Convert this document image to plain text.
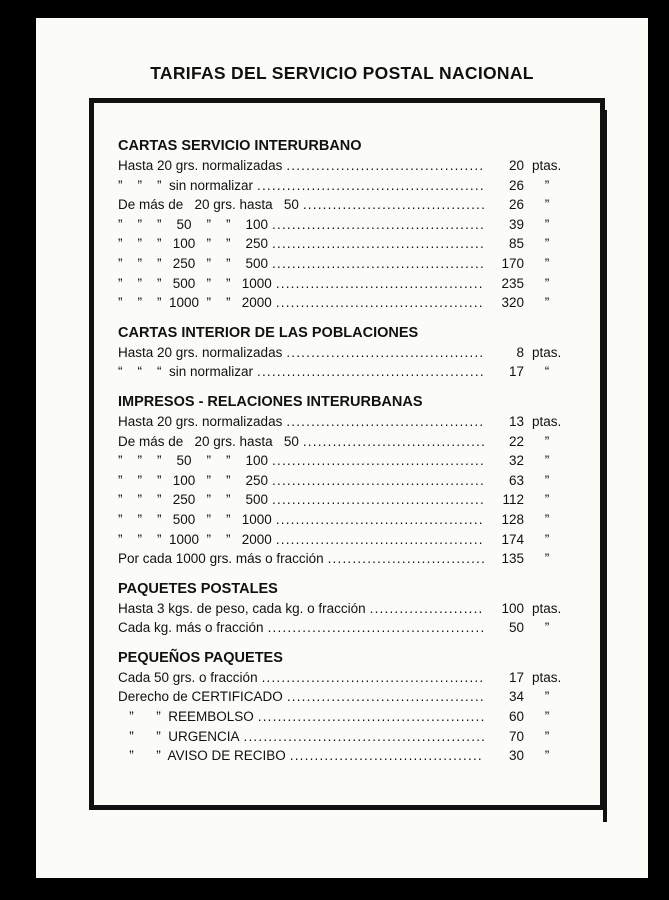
TARIFAS DEL SERVICIO POSTAL NACIONAL
CARTAS SERVICIO INTERURBANO
Hasta 20 grs. normalizadas .....	20 ptas.
”    ”    ”  sin normalizar .....	26	”
De más de   20 grs. hasta   50 .....	26	”
”    ”    ”    50    ”    ”    100 .....	39	”
”    ”    ”   100   ”    ”    250 .....	85	”
”    ”    ”   250   ”    ”    500 .....	170	”
”    ”    ”   500   ”    ”   1000 .....	235	”
”    ”    ”  1000  ”    ”   2000 .....	320	”
CARTAS INTERIOR DE LAS POBLACIONES
Hasta 20 grs. normalizadas .....	8 ptas.
“    “    “  sin normalizar .....	17	“
IMPRESOS - RELACIONES INTERURBANAS
Hasta 20 grs. normalizadas .....	13 ptas.
De más de   20 grs. hasta   50 .....	22	”
”    ”    ”    50    ”    ”    100 .....	32	”
”    ”    ”   100   ”    ”    250 .....	63	”
”    ”    ”   250   ”    ”    500 .....	112	”
”    ”    ”   500   ”    ”   1000 .....	128	”
”    ”    ”  1000  ”    ”   2000 .....	174	”
Por cada 1000 grs. más o fracción .....	135	”
PAQUETES POSTALES
Hasta 3 kgs. de peso, cada kg. o fracción .....	100 ptas.
Cada kg. más o fracción .....	50	”
PEQUEÑOS PAQUETES
Cada 50 grs. o fracción .....	17 ptas.
Derecho de CERTIFICADO .....	34	”
”      ”  REEMBOLSO .....	60	”
”      ”  URGENCIA .....	70	”
”      ”  AVISO DE RECIBO .....	30	”
